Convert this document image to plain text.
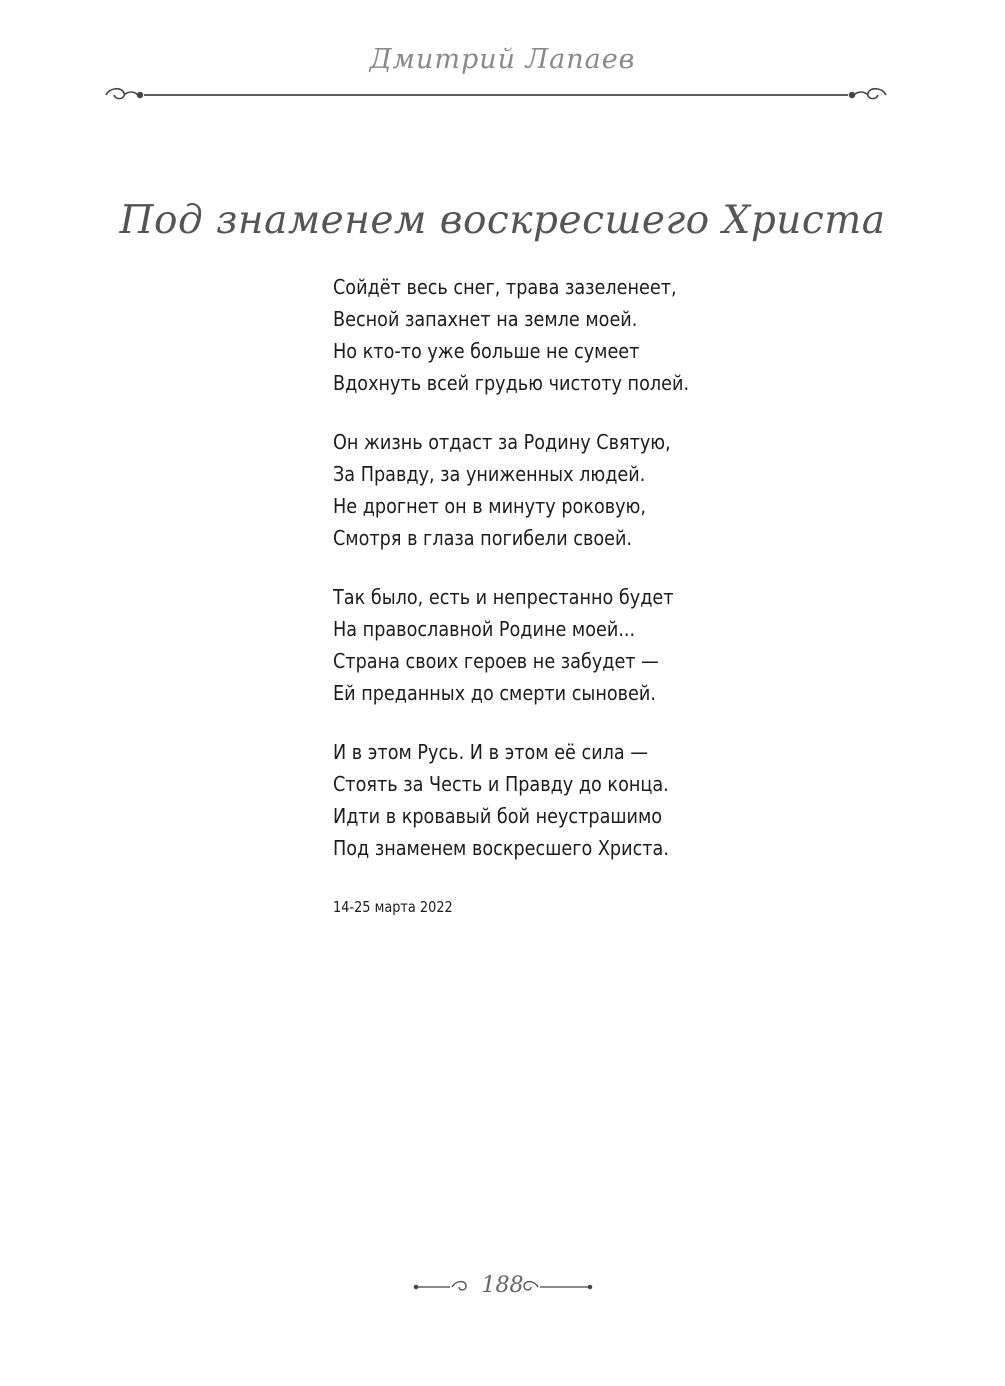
Дмитрий Лапаев
Под знаменем воскресшего Христа
Сойдёт весь снег, трава зазеленеет,
Весной запахнет на земле моей.
Но кто-то уже больше не сумеет
Вдохнуть всей грудью чистоту полей.
Он жизнь отдаст за Родину Святую,
За Правду, за униженных людей.
Не дрогнет он в минуту роковую,
Смотря в глаза погибели своей.
Так было, есть и непрестанно будет
На православной Родине моей...
Страна своих героев не забудет —
Ей преданных до смерти сыновей.
И в этом Русь. И в этом её сила —
Стоять за Честь и Правду до конца.
Идти в кровавый бой неустрашимо
Под знаменем воскресшего Христа.
14-25 марта 2022
188
